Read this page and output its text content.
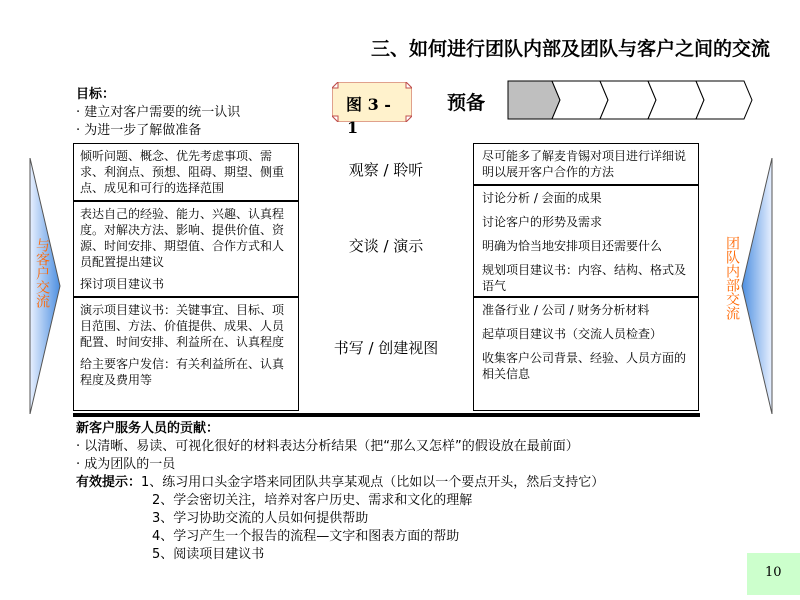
三、如何进行团队内部及团队与客户之间的交流
目标：
· 建立对客户需要的统一认识
· 为进一步了解做准备
图 3 -
1
预备
与客户交流	团队内部交流
倾听问题、概念、优先考虑事项、需求、利润点、预想、阻碍、期望、侧重点、成见和可行的选择范围
观察 / 聆听
尽可能多了解麦肯锡对项目进行详细说明以展开客户合作的方法
表达自己的经验、能力、兴趣、认真程度。对解决方法、影响、提供价值、资源、时间安排、期望值、合作方式和人员配置提出建议
探讨项目建议书
交谈 / 演示
讨论分析 / 会面的成果
讨论客户的形势及需求
明确为恰当地安排项目还需要什么
规划项目建议书：内容、结构、格式及语气
演示项目建议书：关键事宜、目标、项目范围、方法、价值提供、成果、人员配置、时间安排、利益所在、认真程度
给主要客户发信：有关利益所在、认真程度及费用等
书写 / 创建视图
准备行业 / 公司 / 财务分析材料
起草项目建议书（交流人员检查）
收集客户公司背景、经验、人员方面的相关信息
新客户服务人员的贡献：
· 以清晰、易读、可视化很好的材料表达分析结果（把“那么又怎样”的假设放在最前面）
· 成为团队的一员
有效提示：1、练习用口头金字塔来同团队共享某观点（比如以一个要点开头，然后支持它）
2、学会密切关注，培养对客户历史、需求和文化的理解
3、学习协助交流的人员如何提供帮助
4、学习产生一个报告的流程—文字和图表方面的帮助
5、阅读项目建议书
10
